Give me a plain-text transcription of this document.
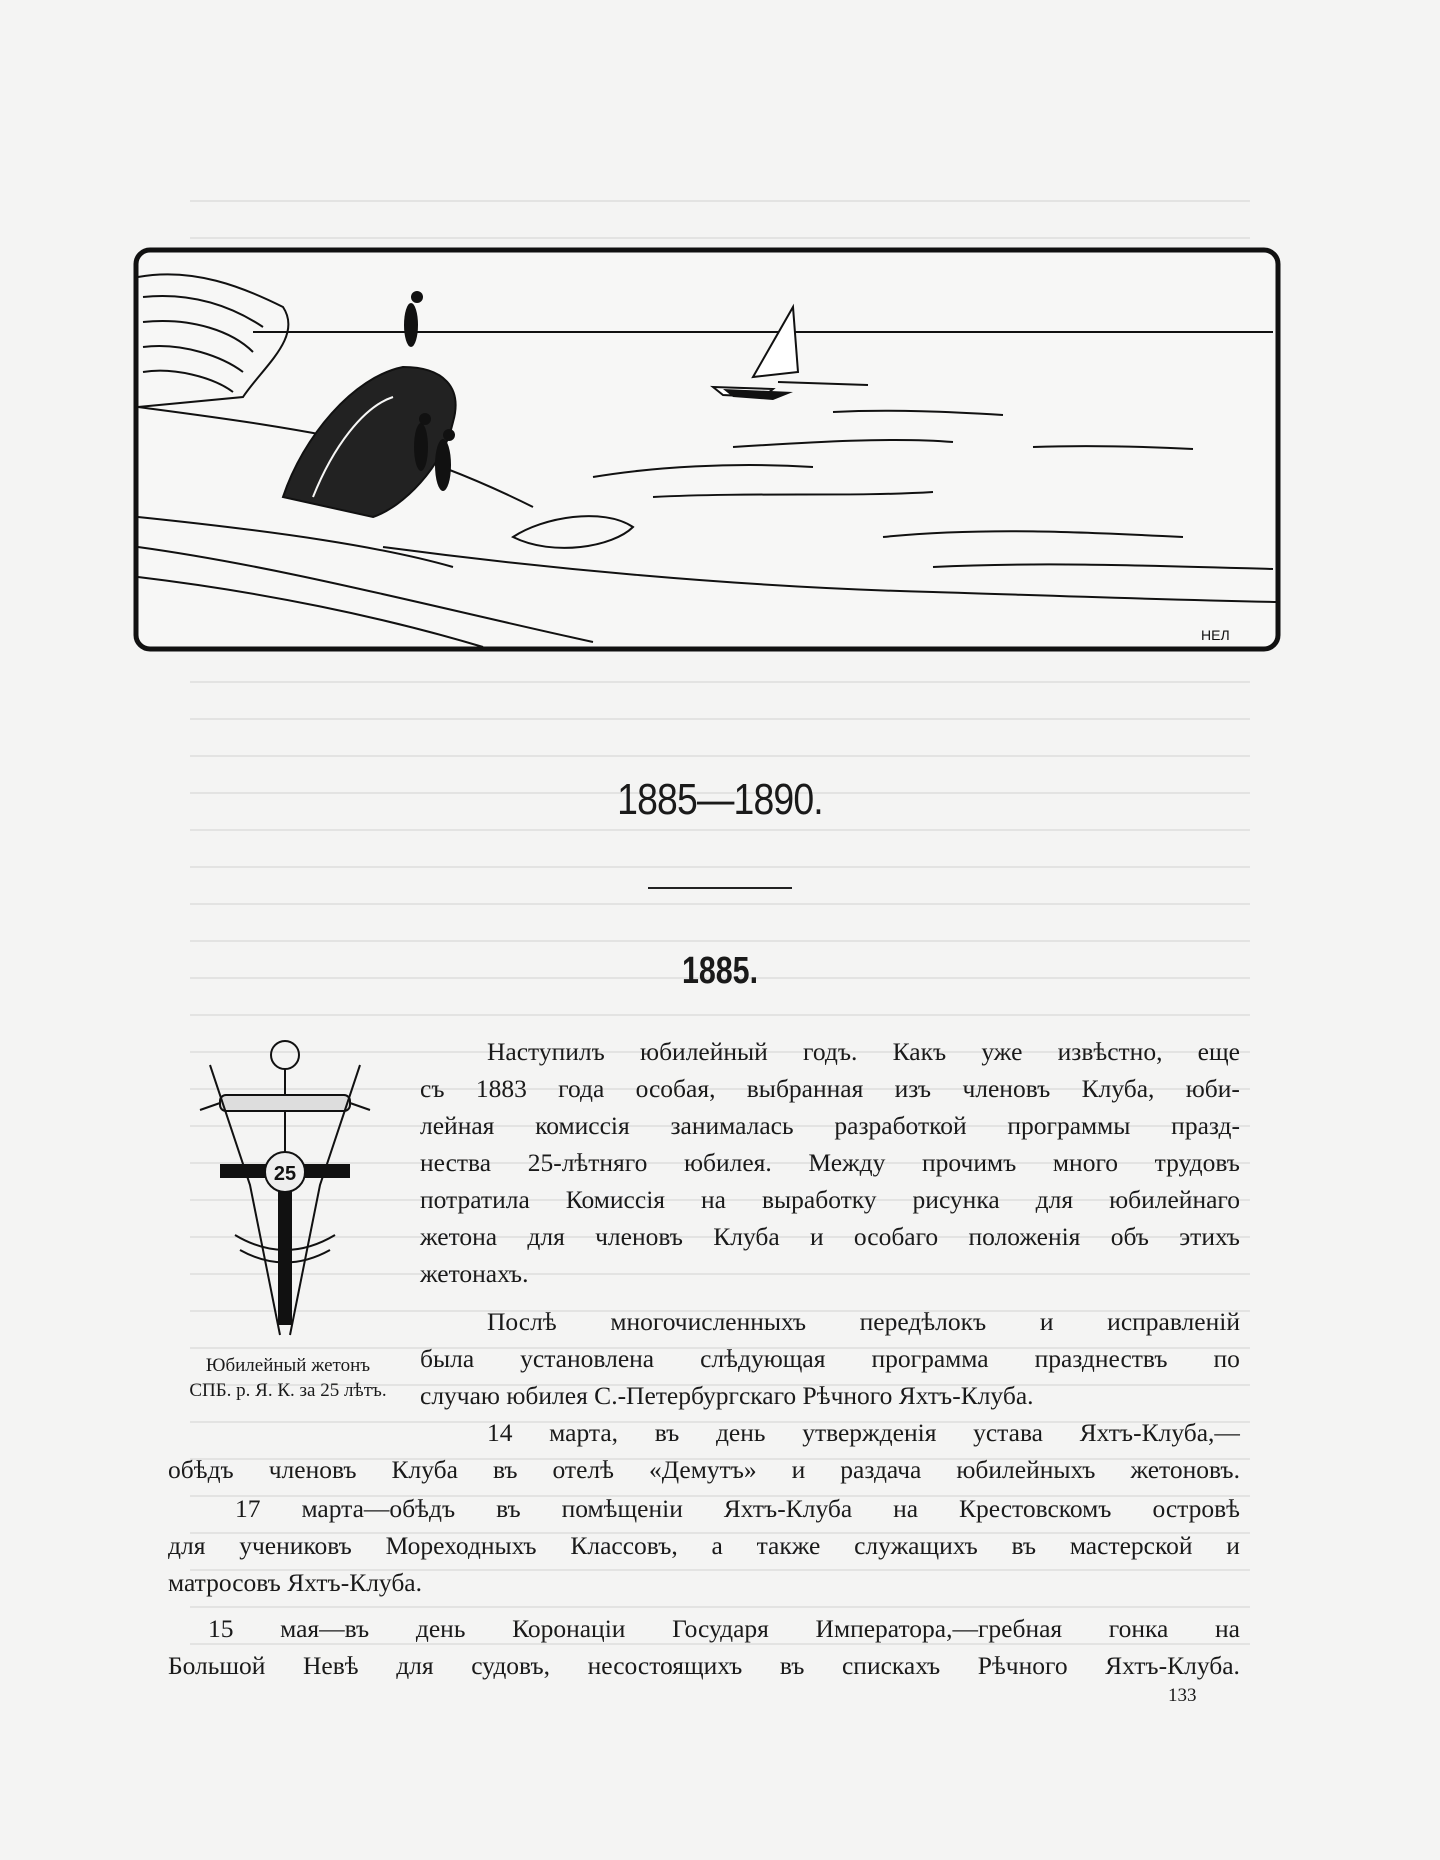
НЕЛ
1885—1890.
1885.
25
Юбилейный жетонъ
СПБ. р. Я. К. за 25 лѣтъ.
Наступилъ юбилейный годъ. Какъ уже извѣстно, еще
съ 1883 года особая, выбранная изъ членовъ Клуба, юби-
лейная комиссія занималась разработкой программы празд-
нества 25-лѣтняго юбилея. Между прочимъ много трудовъ
потратила Комиссія на выработку рисунка для юбилейнаго
жетона для членовъ Клуба и особаго положенія объ этихъ
жетонахъ.
Послѣ многочисленныхъ передѣлокъ и исправленій
была установлена слѣдующая программа празднествъ по
случаю юбилея С.-Петербургскаго Рѣчного Яхтъ-Клуба.
14 марта, въ день утвержденія устава Яхтъ-Клуба,—
обѣдъ членовъ Клуба въ отелѣ «Демутъ» и раздача юбилейныхъ жетоновъ.
17 марта—обѣдъ въ помѣщеніи Яхтъ-Клуба на Крестовскомъ островѣ
для учениковъ Мореходныхъ Классовъ, а также служащихъ въ мастерской и
матросовъ Яхтъ-Клуба.
15 мая—въ день Коронаціи Государя Императора,—гребная гонка на
Большой Невѣ для судовъ, несостоящихъ въ спискахъ Рѣчного Яхтъ-Клуба.
133
